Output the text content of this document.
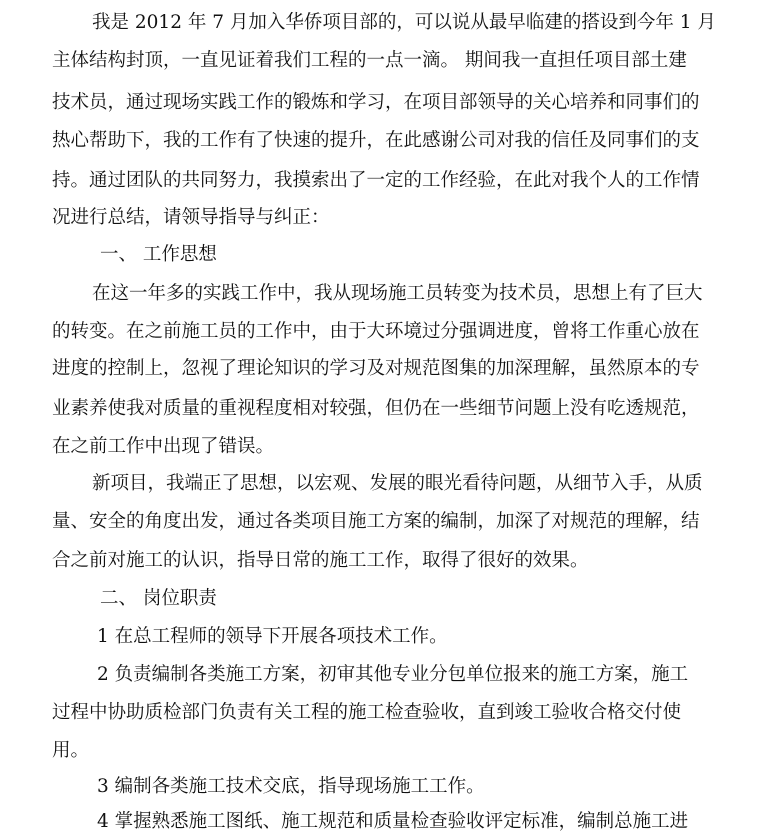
我是 2012 年 7 月加入华侨项目部的，可以说从最早临建的搭设到今年 1 月
主体结构封顶，一直见证着我们工程的一点一滴。 期间我一直担任项目部土建
技术员，通过现场实践工作的锻炼和学习，在项目部领导的关心培养和同事们的
热心帮助下，我的工作有了快速的提升，在此感谢公司对我的信任及同事们的支
持。通过团队的共同努力，我摸索出了一定的工作经验，在此对我个人的工作情
况进行总结，请领导指导与纠正：
一、 工作思想
在这一年多的实践工作中，我从现场施工员转变为技术员，思想上有了巨大
的转变。在之前施工员的工作中，由于大环境过分强调进度，曾将工作重心放在
进度的控制上，忽视了理论知识的学习及对规范图集的加深理解，虽然原本的专
业素养使我对质量的重视程度相对较强，但仍在一些细节问题上没有吃透规范，
在之前工作中出现了错误。
新项目，我端正了思想，以宏观、发展的眼光看待问题，从细节入手，从质
量、安全的角度出发，通过各类项目施工方案的编制，加深了对规范的理解，结
合之前对施工的认识，指导日常的施工工作，取得了很好的效果。
二、 岗位职责
1 在总工程师的领导下开展各项技术工作。
2 负责编制各类施工方案，初审其他专业分包单位报来的施工方案，施工
过程中协助质检部门负责有关工程的施工检查验收，直到竣工验收合格交付使
用。
3 编制各类施工技术交底，指导现场施工工作。
4 掌握熟悉施工图纸、施工规范和质量检查验收评定标准，编制总施工进
